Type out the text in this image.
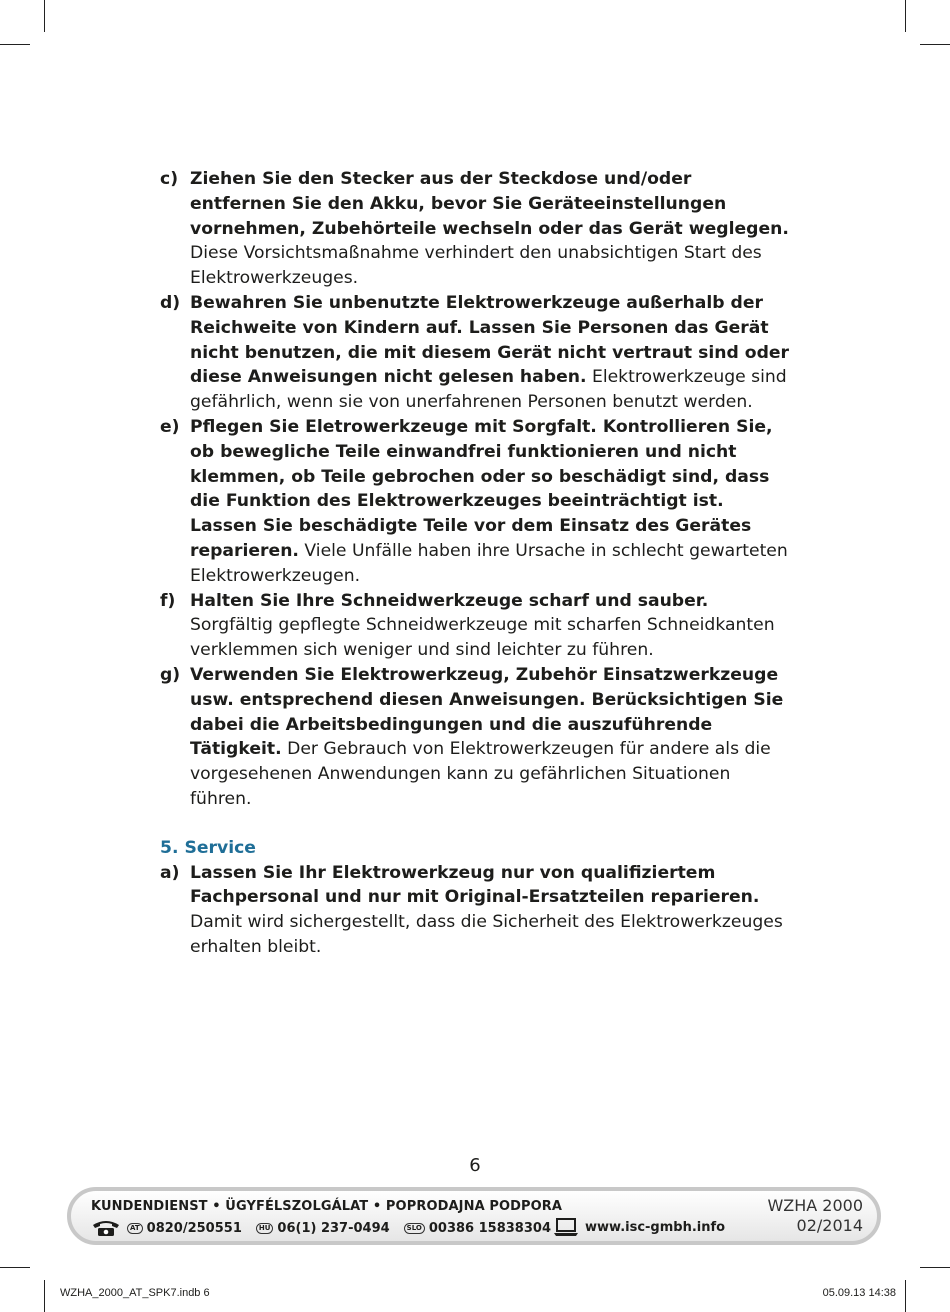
c) Ziehen Sie den Stecker aus der Steckdose und/oder entfernen Sie den Akku, bevor Sie Geräteeinstellungen vornehmen, Zubehörteile wechseln oder das Gerät weglegen. Diese Vorsichtsmaßnahme verhindert den unabsichtigen Start des Elektrowerkzeuges.
d) Bewahren Sie unbenutzte Elektrowerkzeuge außerhalb der Reichweite von Kindern auf. Lassen Sie Personen das Gerät nicht benutzen, die mit diesem Gerät nicht vertraut sind oder diese Anweisungen nicht gelesen haben. Elektrowerkzeuge sind gefährlich, wenn sie von unerfahrenen Personen benutzt werden.
e) Pflegen Sie Eletrowerkzeuge mit Sorgfalt. Kontrollieren Sie, ob bewegliche Teile einwandfrei funktionieren und nicht klemmen, ob Teile gebrochen oder so beschädigt sind, dass die Funktion des Elektrowerkzeuges beeinträchtigt ist. Lassen Sie beschädigte Teile vor dem Einsatz des Gerätes reparieren. Viele Unfälle haben ihre Ursache in schlecht gewarteten Elektrowerkzeugen.
f) Halten Sie Ihre Schneidwerkzeuge scharf und sauber. Sorgfältig gepflegte Schneidwerkzeuge mit scharfen Schneidkanten verklemmen sich weniger und sind leichter zu führen.
g) Verwenden Sie Elektrowerkzeug, Zubehör Einsatzwerkzeuge usw. entsprechend diesen Anweisungen. Berücksichtigen Sie dabei die Arbeitsbedingungen und die auszuführende Tätigkeit. Der Gebrauch von Elektrowerkzeugen für andere als die vorgesehenen Anwendungen kann zu gefährlichen Situationen führen.
5. Service
a) Lassen Sie Ihr Elektrowerkzeug nur von qualifiziertem Fachpersonal und nur mit Original-Ersatzteilen reparieren. Damit wird sichergestellt, dass die Sicherheit des Elektrowerkzeuges erhalten bleibt.
6
KUNDENDIENST • ÜGYFÉLSZOLGÁLAT • POPRODAJNA PODPORA
AT 0820/250551	HU 06(1) 237-0494	SLO 00386 15838304	www.isc-gmbh.info
WZHA 2000
02/2014
WZHA_2000_AT_SPK7.indb 6	05.09.13 14:38
